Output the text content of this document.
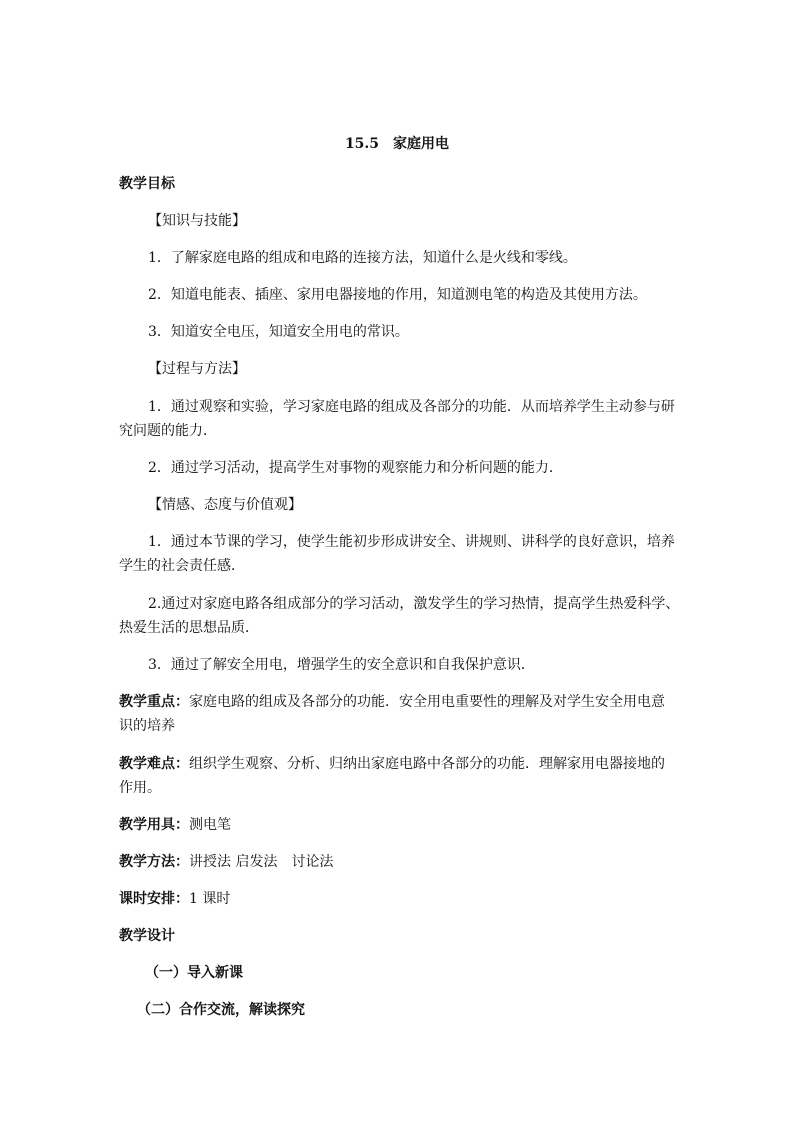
15.5　家庭用电
教学目标
【知识与技能】
1．了解家庭电路的组成和电路的连接方法，知道什么是火线和零线。
2．知道电能表、插座、家用电器接地的作用，知道测电笔的构造及其使用方法。
3．知道安全电压，知道安全用电的常识。
【过程与方法】
1．通过观察和实验，学习家庭电路的组成及各部分的功能．从而培养学生主动参与研
究问题的能力．
2．通过学习活动，提高学生对事物的观察能力和分析问题的能力．
【情感、态度与价值观】
1．通过本节课的学习，使学生能初步形成讲安全、讲规则、讲科学的良好意识，培养
学生的社会责任感．
2.通过对家庭电路各组成部分的学习活动，激发学生的学习热情，提高学生热爱科学、
热爱生活的思想品质．
3．通过了解安全用电，增强学生的安全意识和自我保护意识．
教学重点：家庭电路的组成及各部分的功能．安全用电重要性的理解及对学生安全用电意
识的培养
教学难点：组织学生观察、分析、归纳出家庭电路中各部分的功能．理解家用电器接地的
作用。
教学用具：测电笔
教学方法：讲授法 启发法　讨论法
课时安排：1 课时
教学设计
（一）导入新课
（二）合作交流，解读探究
